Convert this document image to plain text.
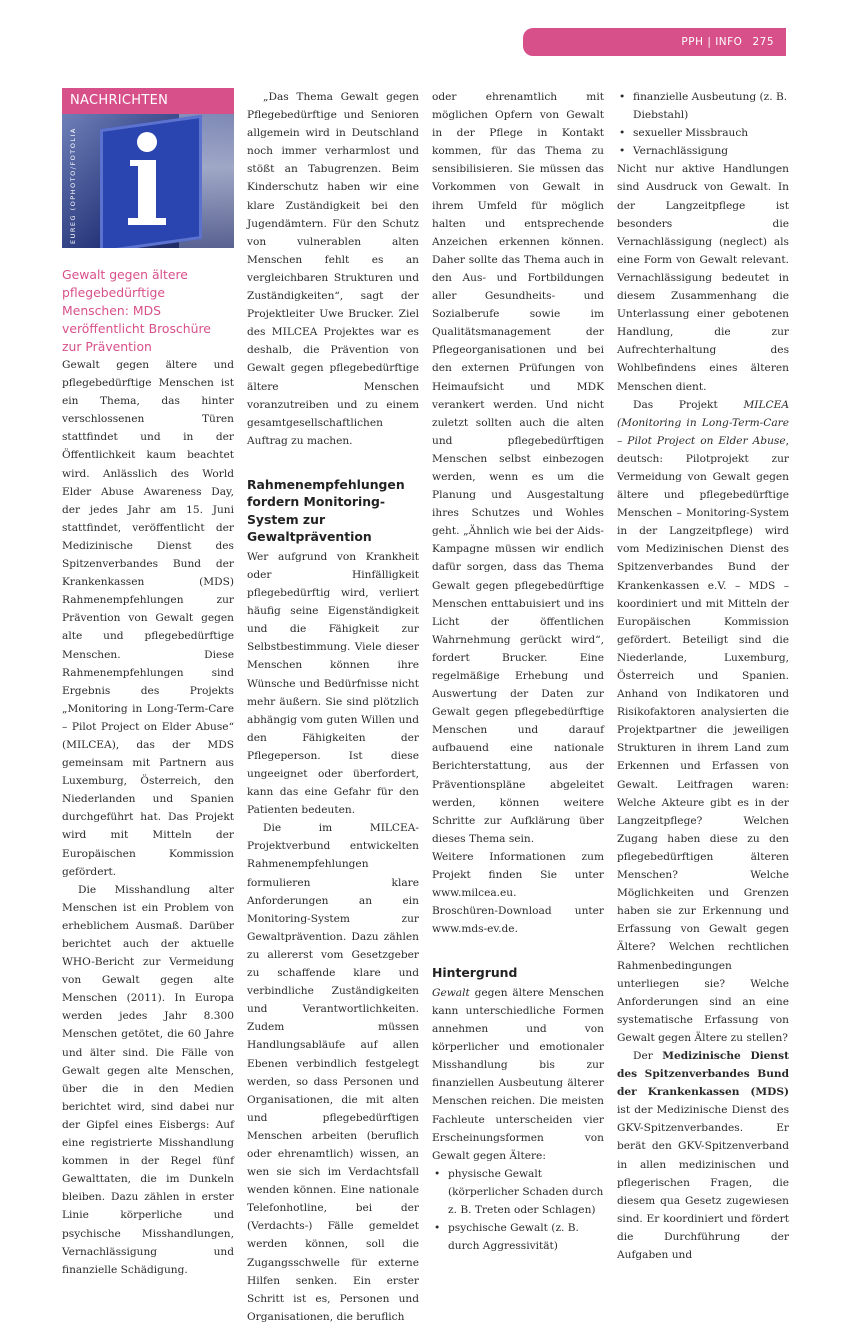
PPH | INFO 275
NACHRICHTEN
EUREG (OPHOTO/FOTOLIA
Gewalt gegen ältere pflegebedürftige Menschen: MDS veröffentlicht Broschüre zur Prävention

Gewalt gegen ältere und pflegebedürftige Menschen ist ein Thema, das hinter verschlossenen Türen stattfindet und in der Öffentlichkeit kaum beachtet wird. Anlässlich des World Elder Abuse Awareness Day, der jedes Jahr am 15. Juni stattfindet, veröffentlicht der Medizinische Dienst des Spitzenverbandes Bund der Krankenkassen (MDS) Rahmenempfehlungen zur Prävention von Gewalt gegen alte und pflegebedürftige Menschen. Diese Rahmenempfehlungen sind Ergebnis des Projekts „Monitoring in Long-Term-Care – Pilot Project on Elder Abuse“ (MILCEA), das der MDS gemeinsam mit Partnern aus Luxemburg, Österreich, den Niederlanden und Spanien durchgeführt hat. Das Projekt wird mit Mitteln der Europäischen Kommission gefördert.

Die Misshandlung alter Menschen ist ein Problem von erheblichem Ausmaß. Darüber berichtet auch der aktuelle WHO-Bericht zur Vermeidung von Gewalt gegen alte Menschen (2011). In Europa werden jedes Jahr 8.300 Menschen getötet, die 60 Jahre und älter sind. Die Fälle von Gewalt gegen alte Menschen, über die in den Medien berichtet wird, sind dabei nur der Gipfel eines Eisbergs: Auf eine registrierte Misshandlung kommen in der Regel fünf Gewalttaten, die im Dunkeln bleiben. Dazu zählen in erster Linie körperliche und psychische Misshandlungen, Vernachlässigung und finanzielle Schädigung.

„Das Thema Gewalt gegen Pflegebedürftige und Senioren allgemein wird in Deutschland noch immer verharmlost und stößt an Tabugrenzen. Beim Kinderschutz haben wir eine klare Zuständigkeit bei den Jugendämtern. Für den Schutz von vulnerablen alten Menschen fehlt es an vergleichbaren Strukturen und Zuständigkeiten“, sagt der Projektleiter Uwe Brucker. Ziel des MILCEA Projektes war es deshalb, die Prävention von Gewalt gegen pflegebedürftige ältere Menschen voranzutreiben und zu einem gesamtgesellschaftlichen Auftrag zu machen.

Rahmenempfehlungen fordern Monitoring-System zur Gewaltprävention

Wer aufgrund von Krankheit oder Hinfälligkeit pflegebedürftig wird, verliert häufig seine Eigenständigkeit und die Fähigkeit zur Selbstbestimmung. Viele dieser Menschen können ihre Wünsche und Bedürfnisse nicht mehr äußern. Sie sind plötzlich abhängig vom guten Willen und den Fähigkeiten der Pflegeperson. Ist diese ungeeignet oder überfordert, kann das eine Gefahr für den Patienten bedeuten.

Die im MILCEA-Projektverbund entwickelten Rahmenempfehlungen formulieren klare Anforderungen an ein Monitoring-System zur Gewaltprävention. Dazu zählen zu allererst vom Gesetzgeber zu schaffende klare und verbindliche Zuständigkeiten und Verantwortlichkeiten. Zudem müssen Handlungsabläufe auf allen Ebenen verbindlich festgelegt werden, so dass Personen und Organisationen, die mit alten und pflegebedürftigen Menschen arbeiten (beruflich oder ehrenamtlich) wissen, an wen sie sich im Verdachtsfall wenden können. Eine nationale Telefonhotline, bei der (Verdachts-) Fälle gemeldet werden können, soll die Zugangsschwelle für externe Hilfen senken. Ein erster Schritt ist es, Personen und Organisationen, die beruflich

oder ehrenamtlich mit möglichen Opfern von Gewalt in der Pflege in Kontakt kommen, für das Thema zu sensibilisieren. Sie müssen das Vorkommen von Gewalt in ihrem Umfeld für möglich halten und entsprechende Anzeichen erkennen können. Daher sollte das Thema auch in den Aus- und Fortbildungen aller Gesundheits- und Sozialberufe sowie im Qualitätsmanagement der Pflegeorganisationen und bei den externen Prüfungen von Heimaufsicht und MDK verankert werden. Und nicht zuletzt sollten auch die alten und pflegebedürftigen Menschen selbst einbezogen werden, wenn es um die Planung und Ausgestaltung ihres Schutzes und Wohles geht. „Ähnlich wie bei der Aids-Kampagne müssen wir endlich dafür sorgen, dass das Thema Gewalt gegen pflegebedürftige Menschen enttabuisiert und ins Licht der öffentlichen Wahrnehmung gerückt wird“, fordert Brucker. Eine regelmäßige Erhebung und Auswertung der Daten zur Gewalt gegen pflegebedürftige Menschen und darauf aufbauend eine nationale Berichterstattung, aus der Präventionspläne abgeleitet werden, können weitere Schritte zur Aufklärung über dieses Thema sein.

Weitere Informationen zum Projekt finden Sie unter www.milcea.eu.

Broschüren-Download unter www.mds-ev.de.

Hintergrund

Gewalt gegen ältere Menschen kann unterschiedliche Formen annehmen und von körperlicher und emotionaler Misshandlung bis zur finanziellen Ausbeutung älterer Menschen reichen. Die meisten Fachleute unterscheiden vier Erscheinungsformen von Gewalt gegen Ältere:

• physische Gewalt (körperlicher Schaden durch z. B. Treten oder Schlagen)
• psychische Gewalt (z. B. durch Aggressivität)
• finanzielle Ausbeutung (z. B. Diebstahl)
• sexueller Missbrauch
• Vernachlässigung

Nicht nur aktive Handlungen sind Ausdruck von Gewalt. In der Langzeitpflege ist besonders die Vernachlässigung (neglect) als eine Form von Gewalt relevant. Vernachlässigung bedeutet in diesem Zusammenhang die Unterlassung einer gebotenen Handlung, die zur Aufrechterhaltung des Wohlbefindens eines älteren Menschen dient.

Das Projekt MILCEA (Monitoring in Long-Term-Care – Pilot Project on Elder Abuse, deutsch: Pilotprojekt zur Vermeidung von Gewalt gegen ältere und pflegebedürftige Menschen – Monitoring-System in der Langzeitpflege) wird vom Medizinischen Dienst des Spitzenverbandes Bund der Krankenkassen e.V. – MDS – koordiniert und mit Mitteln der Europäischen Kommission gefördert. Beteiligt sind die Niederlande, Luxemburg, Österreich und Spanien. Anhand von Indikatoren und Risikofaktoren analysierten die Projektpartner die jeweiligen Strukturen in ihrem Land zum Erkennen und Erfassen von Gewalt. Leitfragen waren: Welche Akteure gibt es in der Langzeitpflege? Welchen Zugang haben diese zu den pflegebedürftigen älteren Menschen? Welche Möglichkeiten und Grenzen haben sie zur Erkennung und Erfassung von Gewalt gegen Ältere? Welchen rechtlichen Rahmenbedingungen unterliegen sie? Welche Anforderungen sind an eine systematische Erfassung von Gewalt gegen Ältere zu stellen?

Der Medizinische Dienst des Spitzenverbandes Bund der Krankenkassen (MDS) ist der Medizinische Dienst des GKV-Spitzenverbandes. Er berät den GKV-Spitzenverband in allen medizinischen und pflegerischen Fragen, die diesem qua Gesetz zugewiesen sind. Er koordiniert und fördert die Durchführung der Aufgaben und
